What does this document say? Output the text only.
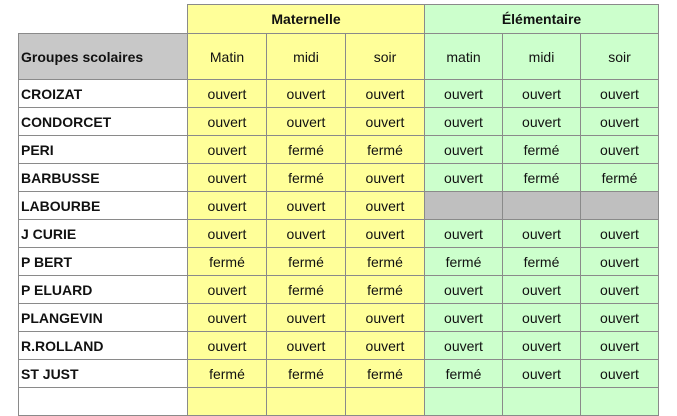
	Maternelle			Élémentaire		
Groupes scolaires	Matin	midi	soir	matin	midi	soir
CROIZAT	ouvert	ouvert	ouvert	ouvert	ouvert	ouvert
CONDORCET	ouvert	ouvert	ouvert	ouvert	ouvert	ouvert
PERI	ouvert	fermé	fermé	ouvert	fermé	ouvert
BARBUSSE	ouvert	fermé	ouvert	ouvert	fermé	fermé
LABOURBE	ouvert	ouvert	ouvert			
J CURIE	ouvert	ouvert	ouvert	ouvert	ouvert	ouvert
P BERT	fermé	fermé	fermé	fermé	fermé	ouvert
P ELUARD	ouvert	fermé	fermé	ouvert	ouvert	ouvert
PLANGEVIN	ouvert	ouvert	ouvert	ouvert	ouvert	ouvert
R.ROLLAND	ouvert	ouvert	ouvert	ouvert	ouvert	ouvert
ST JUST	fermé	fermé	fermé	fermé	ouvert	ouvert
